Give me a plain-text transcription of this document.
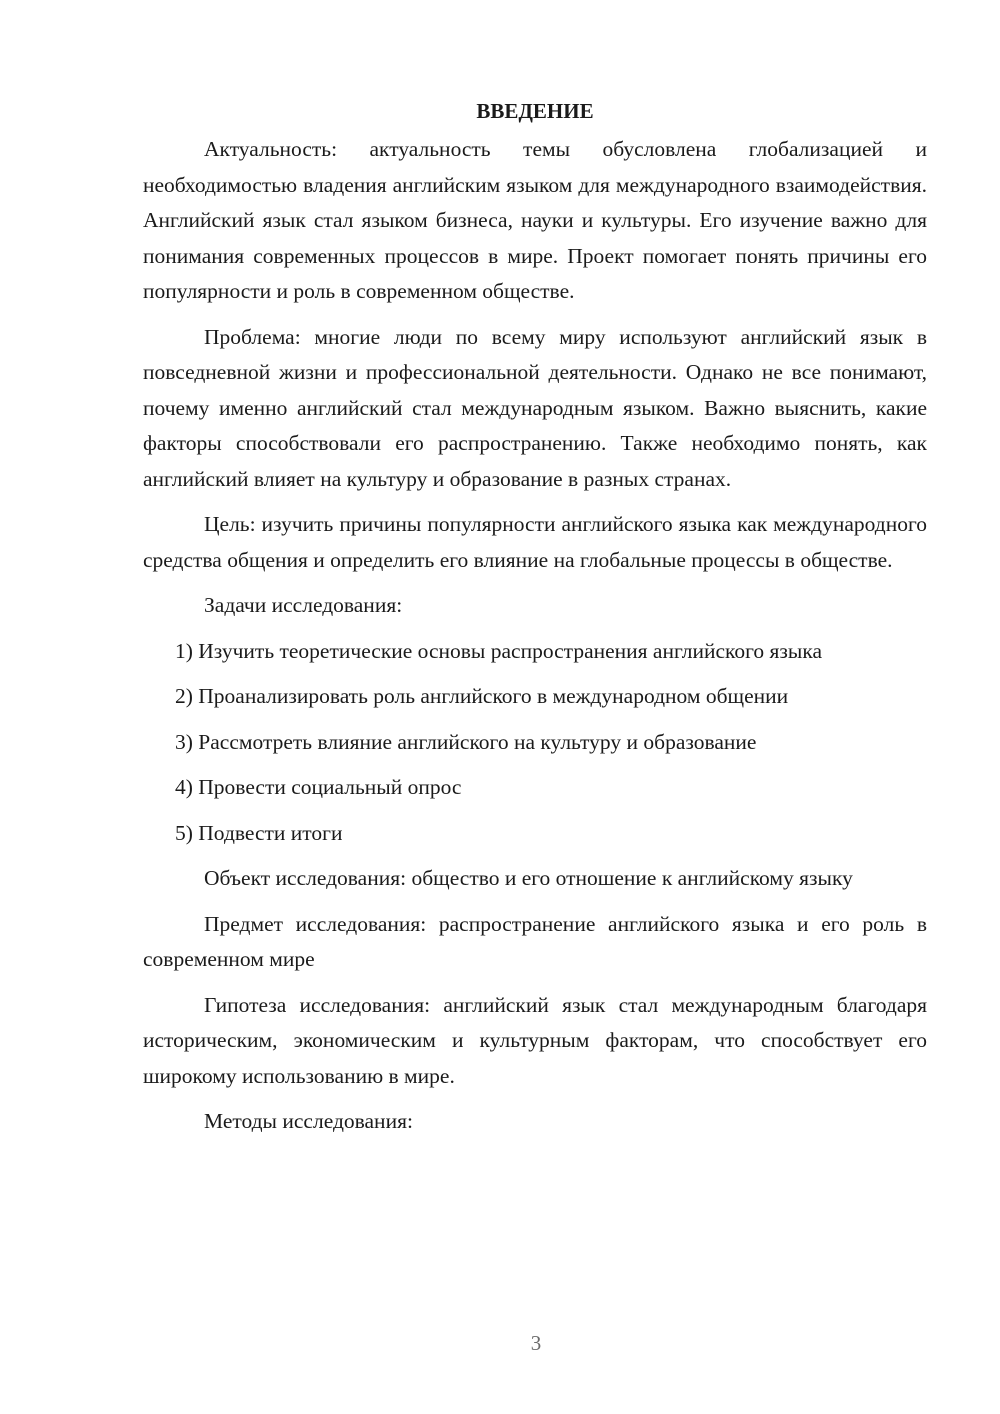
ВВЕДЕНИЕ

Актуальность: актуальность темы обусловлена глобализацией и необходимостью владения английским языком для международного взаимодействия. Английский язык стал языком бизнеса, науки и культуры. Его изучение важно для понимания современных процессов в мире. Проект помогает понять причины его популярности и роль в современном обществе.

Проблема: многие люди по всему миру используют английский язык в повседневной жизни и профессиональной деятельности. Однако не все понимают, почему именно английский стал международным языком. Важно выяснить, какие факторы способствовали его распространению. Также необходимо понять, как английский влияет на культуру и образование в разных странах.

Цель: изучить причины популярности английского языка как международного средства общения и определить его влияние на глобальные процессы в обществе.

Задачи исследования:

1) Изучить теоретические основы распространения английского языка
2) Проанализировать роль английского в международном общении
3) Рассмотреть влияние английского на культуру и образование
4) Провести социальный опрос
5) Подвести итоги

Объект исследования: общество и его отношение к английскому языку

Предмет исследования: распространение английского языка и его роль в современном мире

Гипотеза исследования: английский язык стал международным благодаря историческим, экономическим и культурным факторам, что способствует его широкому использованию в мире.

Методы исследования:

3
